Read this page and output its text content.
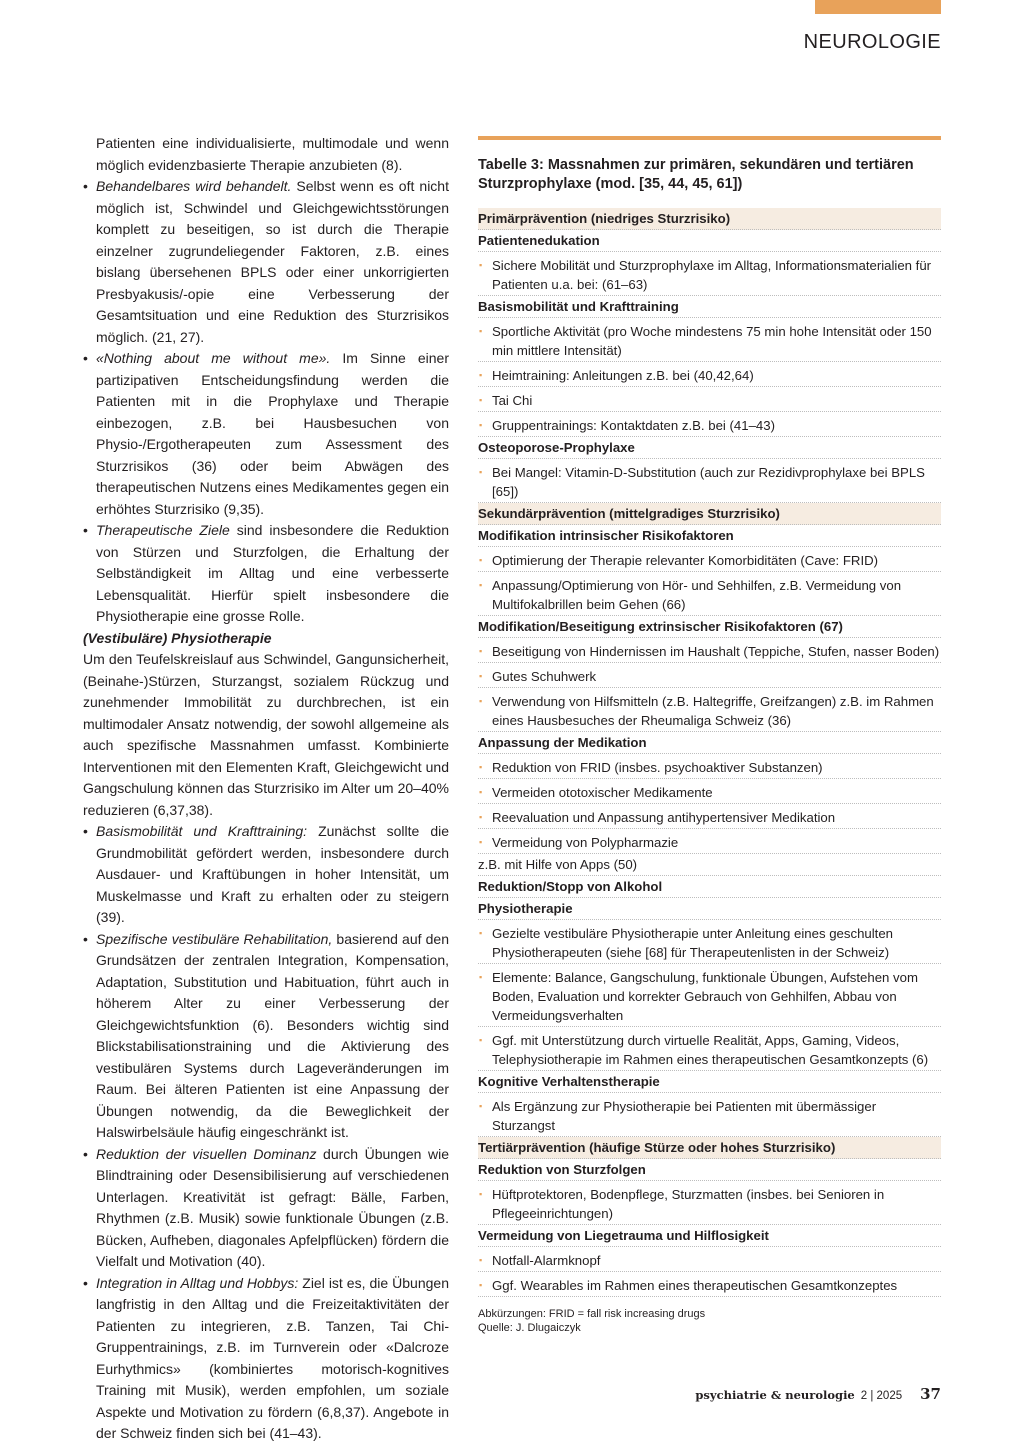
NEUROLOGIE

Patienten eine individualisierte, multimodale und wenn möglich evidenzbasierte Therapie anzubieten (8).

• Behandelbares wird behandelt. Selbst wenn es oft nicht möglich ist, Schwindel und Gleichgewichtsstörungen komplett zu beseitigen, so ist durch die Therapie einzelner zugrundeliegender Faktoren, z.B. eines bislang übersehenen BPLS oder einer unkorrigierten Presbyakusis/-opie eine Verbesserung der Gesamtsituation und eine Reduktion des Sturzrisikos möglich. (21, 27).

• «Nothing about me without me». Im Sinne einer partizipativen Entscheidungsfindung werden die Patienten mit in die Prophylaxe und Therapie einbezogen, z.B. bei Hausbesuchen von Physio-/Ergotherapeuten zum Assessment des Sturzrisikos (36) oder beim Abwägen des therapeutischen Nutzens eines Medikamentes gegen ein erhöhtes Sturzrisiko (9,35).

• Therapeutische Ziele sind insbesondere die Reduktion von Stürzen und Sturzfolgen, die Erhaltung der Selbständigkeit im Alltag und eine verbesserte Lebensqualität. Hierfür spielt insbesondere die Physiotherapie eine grosse Rolle.

(Vestibuläre) Physiotherapie

Um den Teufelskreislauf aus Schwindel, Gangunsicherheit, (Beinahe-)Stürzen, Sturzangst, sozialem Rückzug und zunehmender Immobilität zu durchbrechen, ist ein multimodaler Ansatz notwendig, der sowohl allgemeine als auch spezifische Massnahmen umfasst. Kombinierte Interventionen mit den Elementen Kraft, Gleichgewicht und Gangschulung können das Sturzrisiko im Alter um 20–40% reduzieren (6,37,38).

• Basismobilität und Krafttraining: Zunächst sollte die Grundmobilität gefördert werden, insbesondere durch Ausdauer- und Kraftübungen in hoher Intensität, um Muskelmasse und Kraft zu erhalten oder zu steigern (39).

• Spezifische vestibuläre Rehabilitation, basierend auf den Grundsätzen der zentralen Integration, Kompensation, Adaptation, Substitution und Habituation, führt auch in höherem Alter zu einer Verbesserung der Gleichgewichtsfunktion (6). Besonders wichtig sind Blickstabilisationstraining und die Aktivierung des vestibulären Systems durch Lageveränderungen im Raum. Bei älteren Patienten ist eine Anpassung der Übungen notwendig, da die Beweglichkeit der Halswirbelsäule häufig eingeschränkt ist.

• Reduktion der visuellen Dominanz durch Übungen wie Blindtraining oder Desensibilisierung auf verschiedenen Unterlagen. Kreativität ist gefragt: Bälle, Farben, Rhythmen (z.B. Musik) sowie funktionale Übungen (z.B. Bücken, Aufheben, diagonales Apfelpflücken) fördern die Vielfalt und Motivation (40).

• Integration in Alltag und Hobbys: Ziel ist es, die Übungen langfristig in den Alltag und die Freizeitaktivitäten der Patienten zu integrieren, z.B. Tanzen, Tai Chi-Gruppentrainings, z.B. im Turnverein oder «Dalcroze Eurhythmics» (kombiniertes motorisch-kognitives Training mit Musik), werden empfohlen, um soziale Aspekte und Motivation zu fördern (6,8,37). Angebote in der Schweiz finden sich bei (41–43).

Tabelle 3: Massnahmen zur primären, sekundären und tertiären Sturzprophylaxe (mod. [35, 44, 45, 61])
Primärprävention (niedriges Sturzrisiko)
Patientenedukation
▪ Sichere Mobilität und Sturzprophylaxe im Alltag, Informationsmaterialien für Patienten u.a. bei: (61–63)
Basismobilität und Krafttraining
▪ Sportliche Aktivität (pro Woche mindestens 75 min hohe Intensität oder 150 min mittlere Intensität)
▪ Heimtraining: Anleitungen z.B. bei (40,42,64)
▪ Tai Chi
▪ Gruppentrainings: Kontaktdaten z.B. bei (41–43)
Osteoporose-Prophylaxe
▪ Bei Mangel: Vitamin-D-Substitution (auch zur Rezidivprophylaxe bei BPLS [65])
Sekundärprävention (mittelgradiges Sturzrisiko)
Modifikation intrinsischer Risikofaktoren
▪ Optimierung der Therapie relevanter Komorbiditäten (Cave: FRID)
▪ Anpassung/Optimierung von Hör- und Sehhilfen, z.B. Vermeidung von Multifokalbrillen beim Gehen (66)
Modifikation/Beseitigung extrinsischer Risikofaktoren (67)
▪ Beseitigung von Hindernissen im Haushalt (Teppiche, Stufen, nasser Boden)
▪ Gutes Schuhwerk
▪ Verwendung von Hilfsmitteln (z.B. Haltegriffe, Greifzangen) z.B. im Rahmen eines Hausbesuches der Rheumaliga Schweiz (36)
Anpassung der Medikation
▪ Reduktion von FRID (insbes. psychoaktiver Substanzen)
▪ Vermeiden ototoxischer Medikamente
▪ Reevaluation und Anpassung antihypertensiver Medikation
▪ Vermeidung von Polypharmazie
z.B. mit Hilfe von Apps (50)
Reduktion/Stopp von Alkohol
Physiotherapie
▪ Gezielte vestibuläre Physiotherapie unter Anleitung eines geschulten Physiotherapeuten (siehe [68] für Therapeutenlisten in der Schweiz)
▪ Elemente: Balance, Gangschulung, funktionale Übungen, Aufstehen vom Boden, Evaluation und korrekter Gebrauch von Gehhilfen, Abbau von Vermeidungsverhalten
▪ Ggf. mit Unterstützung durch virtuelle Realität, Apps, Gaming, Videos, Telephysiotherapie im Rahmen eines therapeutischen Gesamtkonzepts (6)
Kognitive Verhaltenstherapie
▪ Als Ergänzung zur Physiotherapie bei Patienten mit übermässiger Sturzangst
Tertiärprävention (häufige Stürze oder hohes Sturzrisiko)
Reduktion von Sturzfolgen
▪ Hüftprotektoren, Bodenpflege, Sturzmatten (insbes. bei Senioren in Pflegeeinrichtungen)
Vermeidung von Liegetrauma und Hilflosigkeit
▪ Notfall-Alarmknopf
▪ Ggf. Wearables im Rahmen eines therapeutischen Gesamtkonzeptes
Abkürzungen: FRID = fall risk increasing drugs
Quelle: J. Dlugaiczyk
psychiatrie & neurologie 2 | 2025 37
